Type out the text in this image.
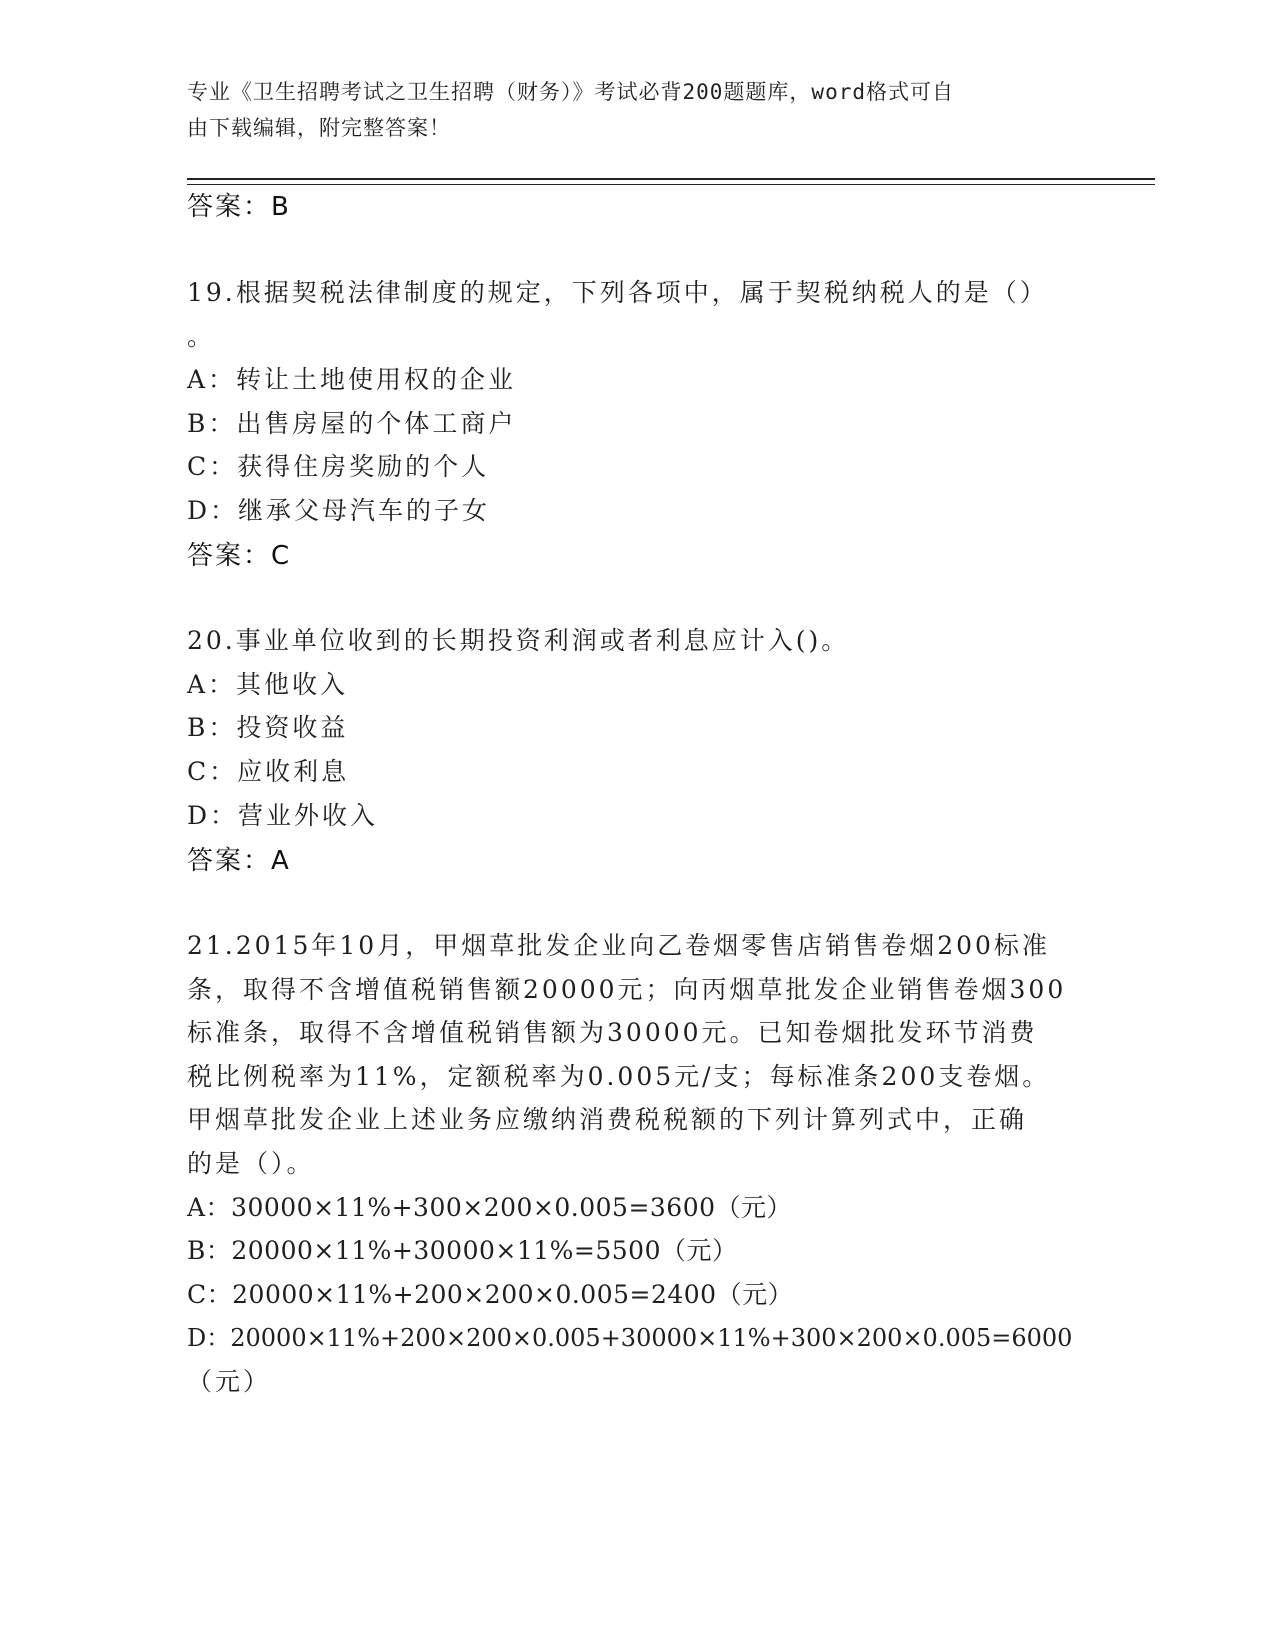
专业《卫生招聘考试之卫生招聘（财务）》考试必背200题题库，word格式可自
由下载编辑，附完整答案！
答案：B
19.根据契税法律制度的规定，下列各项中，属于契税纳税人的是（）
。
A：转让土地使用权的企业
B：出售房屋的个体工商户
C：获得住房奖励的个人
D：继承父母汽车的子女
答案：C
20.事业单位收到的长期投资利润或者利息应计入()。
A：其他收入
B：投资收益
C：应收利息
D：营业外收入
答案：A
21.2015年10月，甲烟草批发企业向乙卷烟零售店销售卷烟200标准
条，取得不含增值税销售额20000元；向丙烟草批发企业销售卷烟300
标准条，取得不含增值税销售额为30000元。已知卷烟批发环节消费
税比例税率为11%，定额税率为0.005元/支；每标准条200支卷烟。
甲烟草批发企业上述业务应缴纳消费税税额的下列计算列式中，正确
的是（）。
A：30000×11%+300×200×0.005=3600（元）
B：20000×11%+30000×11%=5500（元）
C：20000×11%+200×200×0.005=2400（元）
D：20000×11%+200×200×0.005+30000×11%+300×200×0.005=6000
（元）
